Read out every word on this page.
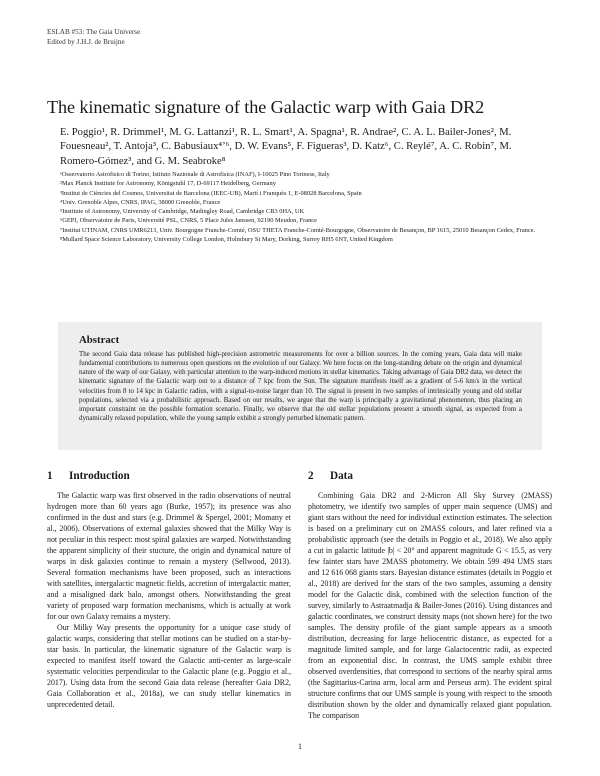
ESLAB #53: The Gaia Universe
Edited by J.H.J. de Bruijne
The kinematic signature of the Galactic warp with Gaia DR2
E. Poggio¹, R. Drimmel¹, M. G. Lattanzi¹, R. L. Smart¹, A. Spagna¹, R. Andrae², C. A. L. Bailer-Jones², M. Fouesneau², T. Antoja³, C. Babusiaux⁴ʼ⁶, D. W. Evans⁵, F. Figueras³, D. Katz⁶, C. Reylé⁷, A. C. Robin⁷, M. Romero-Gómez³, and G. M. Seabroke⁸
¹Osservatorio Astrofisico di Torino, Istituto Nazionale di Astrofisica (INAF), I-10025 Pino Torinese, Italy
²Max Planck Institute for Astronomy, Königstuhl 17, D-69117 Heidelberg, Germany
³Institut de Ciències del Cosmos, Universitat de Barcelona (IEEC-UB), Martí i Franquès 1, E-08028 Barcelona, Spain
⁴Univ. Grenoble Alpes, CNRS, IPAG, 38000 Grenoble, France
⁵Institute of Astronomy, University of Cambridge, Madingley Road, Cambridge CB3 0HA, UK
⁶GEPI, Observatoire de Paris, Université PSL, CNRS, 5 Place Jules Janssen, 92190 Meudon, France
⁷Institut UTINAM, CNRS UMR6213, Univ. Bourgogne Franche-Comté, OSU THETA Franche-Comté-Bourgogne, Observatoire de Besançon, BP 1615, 25010 Besançon Cedex, France.
⁸Mullard Space Science Laboratory, University College London, Holmbury St Mary, Dorking, Surrey RH5 6NT, United Kingdom
Abstract
The second Gaia data release has published high-precision astrometric measurements for over a billion sources. In the coming years, Gaia data will make fundamental contributions to numerous open questions on the evolution of our Galaxy. We here focus on the long-standing debate on the origin and dynamical nature of the warp of our Galaxy, with particular attention to the warp-induced motions in stellar kinematics. Taking advantage of Gaia DR2 data, we detect the kinematic signature of the Galactic warp out to a distance of 7 kpc from the Sun. The signature manifests itself as a gradient of 5-6 km/s in the vertical velocities from 8 to 14 kpc in Galactic radius, with a signal-to-noise larger than 10. The signal is present in two samples of intrinsically young and old stellar populations, selected via a probabilistic approach. Based on our results, we argue that the warp is principally a gravitational phenomenon, thus placing an important constraint on the possible formation scenario. Finally, we observe that the old stellar populations present a smooth signal, as expected from a dynamically relaxed population, while the young sample exhibit a strongly perturbed kinematic pattern.
1 Introduction

The Galactic warp was first observed in the radio observations of neutral hydrogen more than 60 years ago (Burke, 1957); its presence was also confirmed in the dust and stars (e.g. Drimmel & Spergel, 2001; Momany et al., 2006). Observations of external galaxies showed that the Milky Way is not peculiar in this respect: most spiral galaxies are warped. Notwithstanding the apparent simplicity of their stucture, the origin and dynamical nature of warps in disk galaxies continue to remain a mystery (Sellwood, 2013). Several formation mechanisms have been proposed, such as interactions with satellites, intergalactic magnetic fields, accretion of intergalactic matter, and a misaligned dark halo, amongst others. Notwithstanding the great variety of proposed warp formation mechanisms, which is actually at work for our own Galaxy remains a mystery.

Our Milky Way presents the opportunity for a unique case study of galactic warps, considering that stellar motions can be studied on a star-by-star basis. In particular, the kinematic signature of the Galactic warp is expected to manifest itself toward the Galactic anti-center as large-scale systematic velocities perpendicular to the Galactic plane (e.g. Poggio et al., 2017). Using data from the second Gaia data release (hereafter Gaia DR2, Gaia Collaboration et al., 2018a), we can study stellar kinematics in unprecedented detail.

2 Data

Combining Gaia DR2 and 2-Micron All Sky Survey (2MASS) photometry, we identify two samples of upper main sequence (UMS) and giant stars without the need for individual extinction estimates. The selection is based on a preliminary cut on 2MASS colours, and later refined via a probabilistic approach (see the details in Poggio et al., 2018). We also apply a cut in galactic latitude |b| < 20° and apparent magnitude G < 15.5, as very few fainter stars have 2MASS photometry. We obtain 599 494 UMS stars and 12 616 068 giants stars. Bayesian distance estimates (details in Poggio et al., 2018) are derived for the stars of the two samples, assuming a density model for the Galactic disk, combined with the selection function of the survey, similarly to Astraatmadja & Bailer-Jones (2016). Using distances and galactic coordinates, we construct density maps (not shown here) for the two samples. The density profile of the giant sample appears as a smooth distribution, decreasing for large heliocentric distance, as expected for a magnitude limited sample, and for large Galactocentric radii, as expected from an exponential disc. In contrast, the UMS sample exhibit three observed overdensities, that correspond to sections of the nearby spiral arms (the Sagittarius-Carina arm, local arm and Perseus arm). The evident spiral structure confirms that our UMS sample is young with respect to the smooth distribution shown by the older and dynamically relaxed giant population. The comparison

1
